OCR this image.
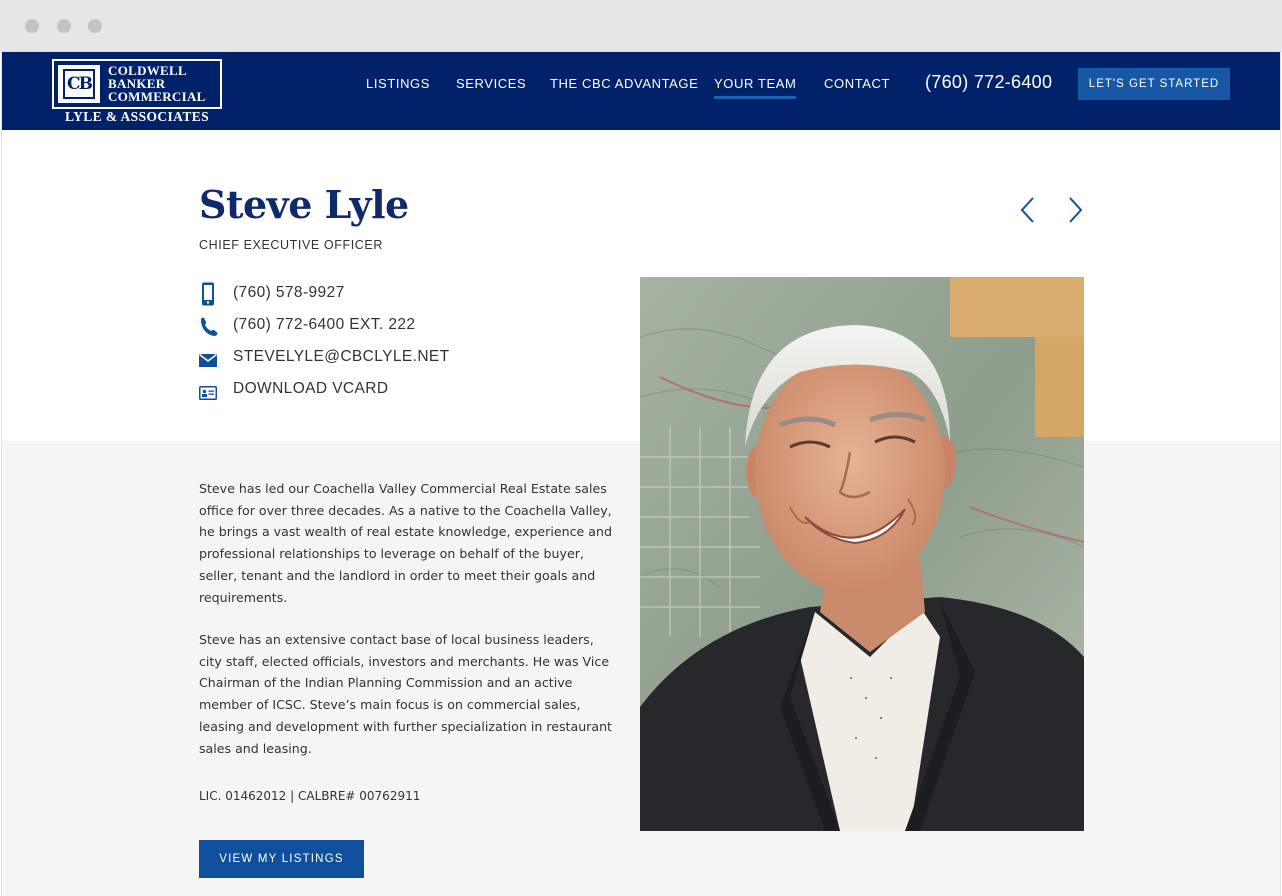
CB
COLDWELL
BANKER
COMMERCIAL
LYLE & ASSOCIATES
LISTINGS SERVICES THE CBC ADVANTAGE YOUR TEAM CONTACT (760) 772-6400	LET'S GET STARTED
Steve Lyle
CHIEF EXECUTIVE OFFICER
(760) 578-9927
(760) 772-6400 EXT. 222
STEVELYLE@CBCLYLE.NET
DOWNLOAD VCARD

Steve has led our Coachella Valley Commercial Real Estate sales office for over three decades. As a native to the Coachella Valley, he brings a vast wealth of real estate knowledge, experience and professional relationships to leverage on behalf of the buyer, seller, tenant and the landlord in order to meet their goals and requirements.

Steve has an extensive contact base of local business leaders, city staff, elected officials, investors and merchants. He was Vice Chairman of the Indian Planning Commission and an active member of ICSC. Steve’s main focus is on commercial sales, leasing and development with further specialization in restaurant sales and leasing.

LIC. 01462012 | CALBRE# 00762911
VIEW MY LISTINGS
